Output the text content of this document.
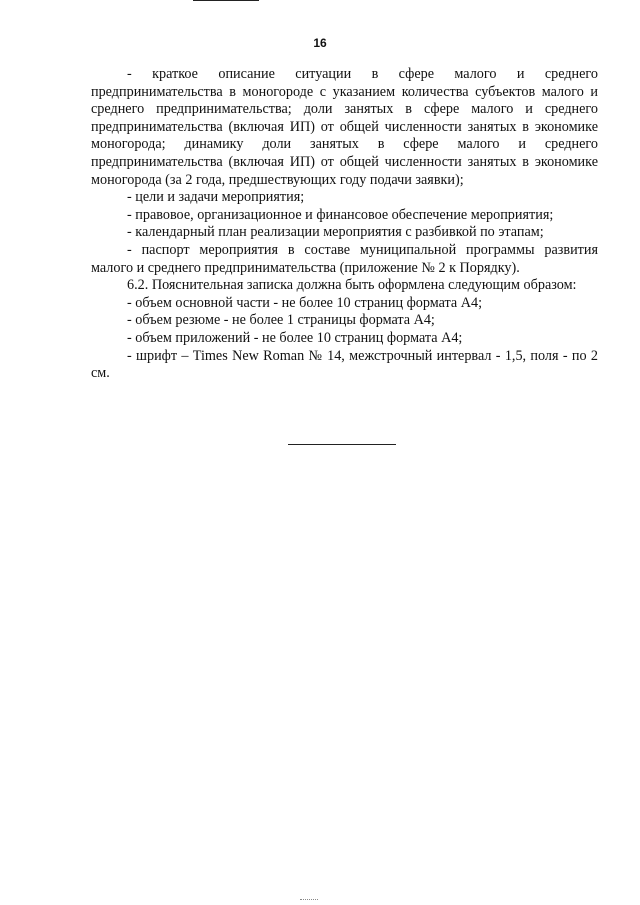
16

- краткое описание ситуации в сфере малого и среднего предпринимательства в моногороде с указанием количества субъектов малого и среднего предпринимательства; доли занятых в сфере малого и среднего предпринимательства (включая ИП) от общей численности занятых в экономике моногорода; динамику доли занятых в сфере малого и среднего предпринимательства (включая ИП) от общей численности занятых в экономике моногорода (за 2 года, предшествующих году подачи заявки);

- цели и задачи мероприятия;

- правовое, организационное и финансовое обеспечение мероприятия;

- календарный план реализации мероприятия с разбивкой по этапам;

- паспорт мероприятия в составе муниципальной программы развития малого и среднего предпринимательства (приложение № 2 к Порядку).

6.2. Пояснительная записка должна быть оформлена следующим образом:

- объем основной части - не более 10 страниц формата А4;

- объем резюме - не более 1 страницы формата А4;

- объем приложений - не более 10 страниц формата А4;

- шрифт – Times New Roman № 14, межстрочный интервал - 1,5, поля - по 2 см.
